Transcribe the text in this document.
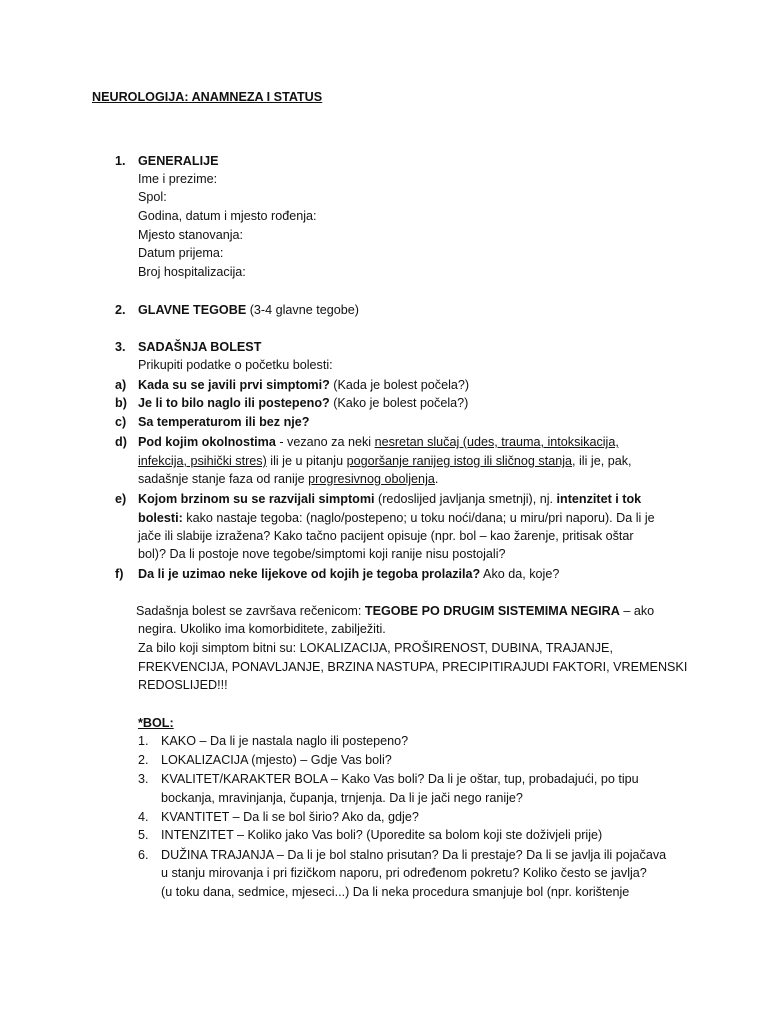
NEUROLOGIJA: ANAMNEZA I STATUS
1. GENERALIJE
Ime i prezime:
Spol:
Godina, datum i mjesto rođenja:
Mjesto stanovanja:
Datum prijema:
Broj hospitalizacija:
2. GLAVNE TEGOBE (3-4 glavne tegobe)
3. SADAŠNJA BOLEST
Prikupiti podatke o početku bolesti:
a) Kada su se javili prvi simptomi? (Kada je bolest počela?)
b) Je li to bilo naglo ili postepeno? (Kako je bolest počela?)
c) Sa temperaturom ili bez nje?
d) Pod kojim okolnostima - vezano za neki nesretan slučaj (udes, trauma, intoksikacija,
infekcija, psihički stres) ili je u pitanju pogoršanje ranijeg istog ili sličnog stanja, ili je, pak,
sadašnje stanje faza od ranije progresivnog oboljenja.
e) Kojom brzinom su se razvijali simptomi (redoslijed javljanja smetnji), nj. intenzitet i tok
bolesti: kako nastaje tegoba: (naglo/postepeno; u toku noći/dana; u miru/pri naporu). Da li je
jače ili slabije izražena? Kako tačno pacijent opisuje (npr. bol – kao žarenje, pritisak oštar
bol)? Da li postoje nove tegobe/simptomi koji ranije nisu postojali?
f) Da li je uzimao neke lijekove od kojih je tegoba prolazila? Ako da, koje?
Sadašnja bolest se završava rečenicom: TEGOBE PO DRUGIM SISTEMIMA NEGIRA – ako
negira. Ukoliko ima komorbiditete, zabilježiti.
Za bilo koji simptom bitni su: LOKALIZACIJA, PROŠIRENOST, DUBINA, TRAJANJE,
FREKVENCIJA, PONAVLJANJE, BRZINA NASTUPA, PRECIPITIRAJUDI FAKTORI, VREMENSKI
REDOSLIJED!!!
*BOL:
1. KAKO – Da li je nastala naglo ili postepeno?
2. LOKALIZACIJA (mjesto) – Gdje Vas boli?
3. KVALITET/KARAKTER BOLA – Kako Vas boli? Da li je oštar, tup, probadajući, po tipu
bockanja, mravinjanja, čupanja, trnjenja. Da li je jači nego ranije?
4. KVANTITET – Da li se bol širio? Ako da, gdje?
5. INTENZITET – Koliko jako Vas boli? (Uporedite sa bolom koji ste doživjeli prije)
6. DUŽINA TRAJANJA – Da li je bol stalno prisutan? Da li prestaje? Da li se javlja ili pojačava
u stanju mirovanja i pri fizičkom naporu, pri određenom pokretu? Koliko često se javlja?
(u toku dana, sedmice, mjeseci...) Da li neka procedura smanjuje bol (npr. korištenje
